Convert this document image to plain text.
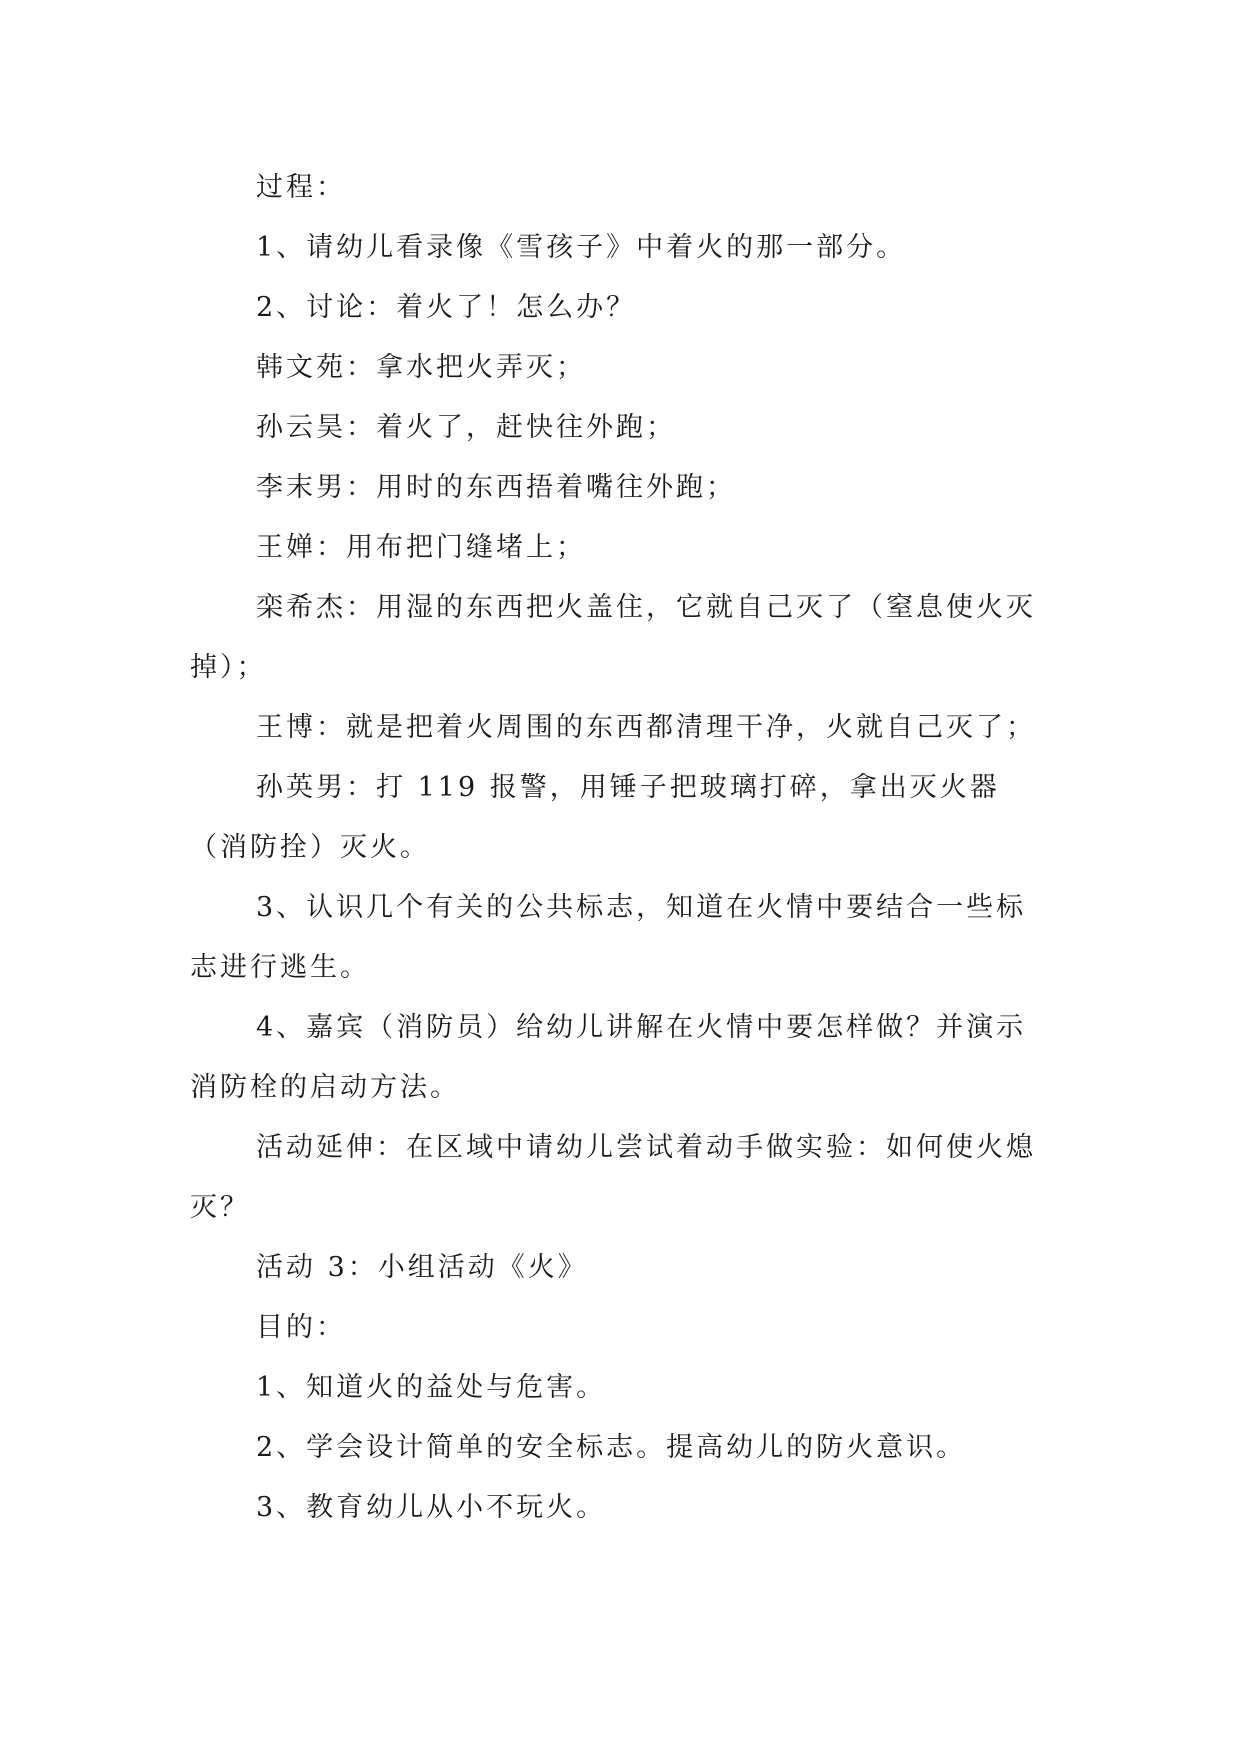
过程：

1、请幼儿看录像《雪孩子》中着火的那一部分。

2、讨论：着火了！怎么办？

韩文苑：拿水把火弄灭；

孙云昊：着火了，赶快往外跑；

李末男：用时的东西捂着嘴往外跑；

王婵：用布把门缝堵上；

栾希杰：用湿的东西把火盖住，它就自己灭了（窒息使火灭掉）；

王博：就是把着火周围的东西都清理干净，火就自己灭了；

孙英男：打 119 报警，用锤子把玻璃打碎，拿出灭火器（消防拴）灭火。

3、认识几个有关的公共标志，知道在火情中要结合一些标志进行逃生。

4、嘉宾（消防员）给幼儿讲解在火情中要怎样做？并演示消防栓的启动方法。

活动延伸：在区域中请幼儿尝试着动手做实验：如何使火熄灭？

活动 3：小组活动《火》

目的：

1、知道火的益处与危害。

2、学会设计简单的安全标志。提高幼儿的防火意识。

3、教育幼儿从小不玩火。
